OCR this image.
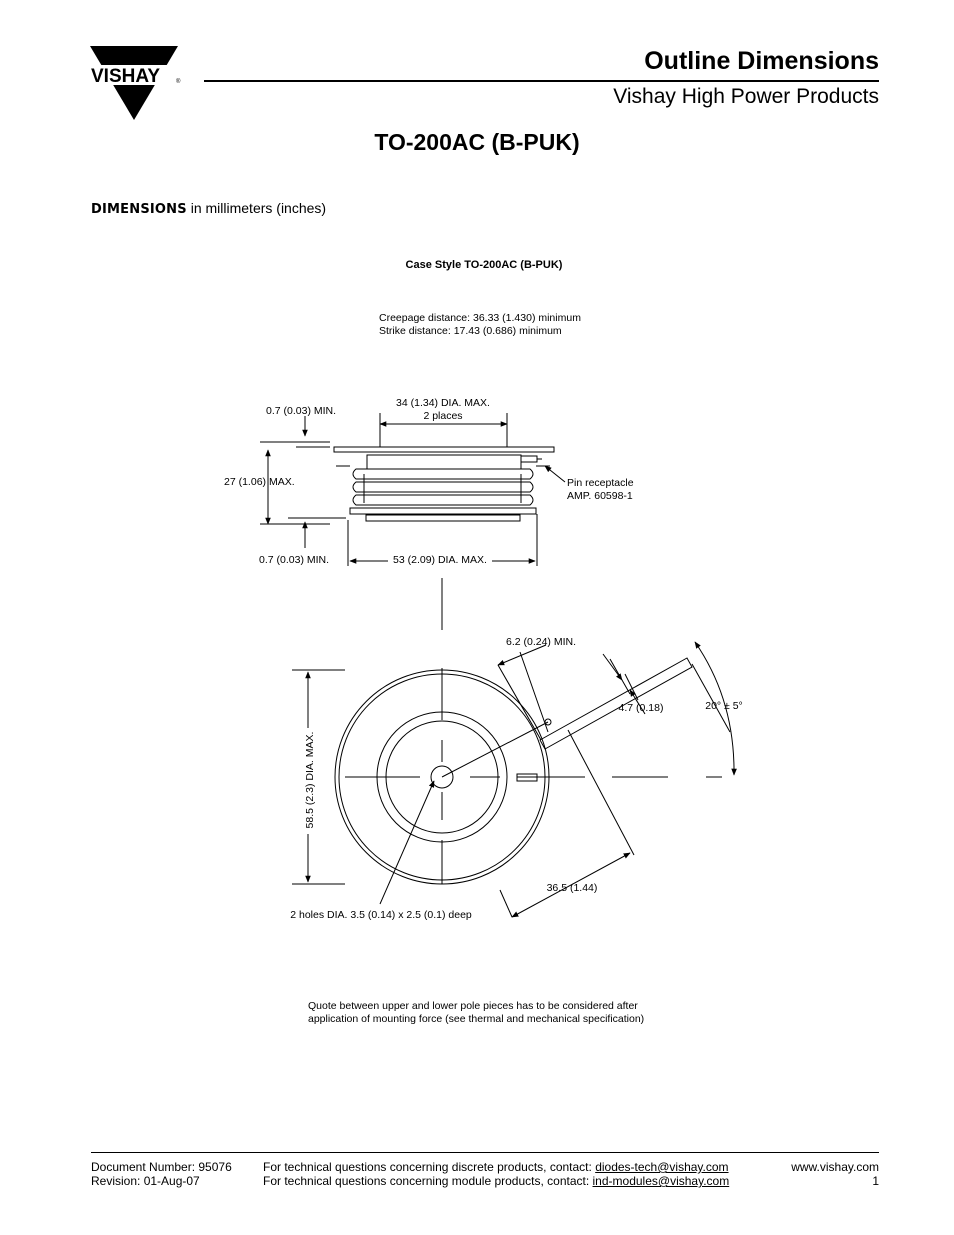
VISHAY	®
Outline Dimensions
Vishay High Power Products
TO-200AC (B-PUK)
DIMENSIONS in millimeters (inches)
Case Style TO-200AC (B-PUK)
Creepage distance: 36.33 (1.430) minimum
Strike distance: 17.43 (0.686) minimum
0.7 (0.03) MIN.
34 (1.34) DIA. MAX.
2 places
27 (1.06) MAX.	Pin receptacle
AMP. 60598-1
0.7 (0.03) MIN.	53 (2.09) DIA. MAX.
6.2 (0.24) MIN.
4.7 (0.18)	20° ± 5°
58.5 (2.3) DIA. MAX.
36.5 (1.44)
2 holes DIA. 3.5 (0.14) x 2.5 (0.1) deep
Quote between upper and lower pole pieces has to be considered after
application of mounting force (see thermal and mechanical specification)
Document Number: 95076
Revision: 01-Aug-07
For technical questions concerning discrete products, contact: diodes-tech@vishay.com
For technical questions concerning module products, contact: ind-modules@vishay.com
www.vishay.com
1
